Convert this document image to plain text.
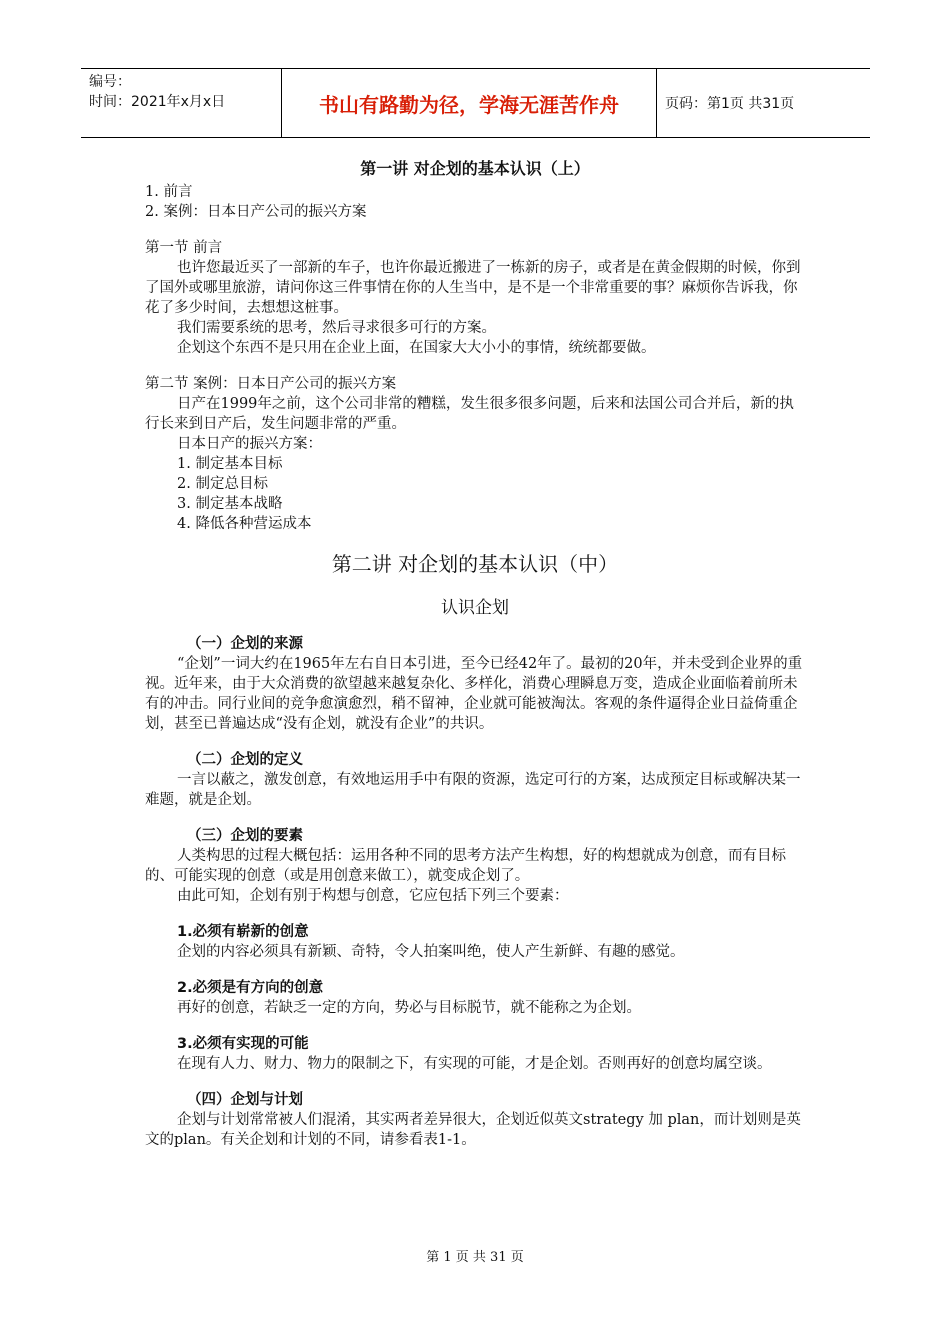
编号：
时间：2021年x月x日	书山有路勤为径，学海无涯苦作舟	页码：第1页 共31页

第一讲 对企划的基本认识（上）

1. 前言

2. 案例：日本日产公司的振兴方案

第一节 前言

也许您最近买了一部新的车子，也许你最近搬进了一栋新的房子，或者是在黄金假期的时候，你到了国外或哪里旅游，请问你这三件事情在你的人生当中，是不是一个非常重要的事？麻烦你告诉我，你花了多少时间，去想想这桩事。

我们需要系统的思考，然后寻求很多可行的方案。

企划这个东西不是只用在企业上面，在国家大大小小的事情，统统都要做。

第二节 案例：日本日产公司的振兴方案

日产在1999年之前，这个公司非常的糟糕，发生很多很多问题，后来和法国公司合并后，新的执行长来到日产后，发生问题非常的严重。

日本日产的振兴方案：

1. 制定基本目标

2. 制定总目标

3. 制定基本战略

4. 降低各种营运成本

第二讲 对企划的基本认识（中）

认识企划

（一）企划的来源

“企划”一词大约在1965年左右自日本引进，至今已经42年了。最初的20年，并未受到企业界的重视。近年来，由于大众消费的欲望越来越复杂化、多样化，消费心理瞬息万变，造成企业面临着前所未有的冲击。同行业间的竞争愈演愈烈，稍不留神，企业就可能被淘汰。客观的条件逼得企业日益倚重企划，甚至已普遍达成“没有企划，就没有企业”的共识。

（二）企划的定义

一言以蔽之，激发创意，有效地运用手中有限的资源，选定可行的方案，达成预定目标或解决某一难题，就是企划。

（三）企划的要素

人类构思的过程大概包括：运用各种不同的思考方法产生构想，好的构想就成为创意，而有目标的、可能实现的创意（或是用创意来做工），就变成企划了。

由此可知，企划有别于构想与创意，它应包括下列三个要素：

1.必须有崭新的创意

企划的内容必须具有新颖、奇特，令人拍案叫绝，使人产生新鲜、有趣的感觉。

2.必须是有方向的创意

再好的创意，若缺乏一定的方向，势必与目标脱节，就不能称之为企划。

3.必须有实现的可能

在现有人力、财力、物力的限制之下，有实现的可能，才是企划。否则再好的创意均属空谈。

（四）企划与计划

企划与计划常常被人们混淆，其实两者差异很大，企划近似英文strategy 加 plan，而计划则是英文的plan。有关企划和计划的不同，请参看表1-1。

第 1 页 共 31 页
